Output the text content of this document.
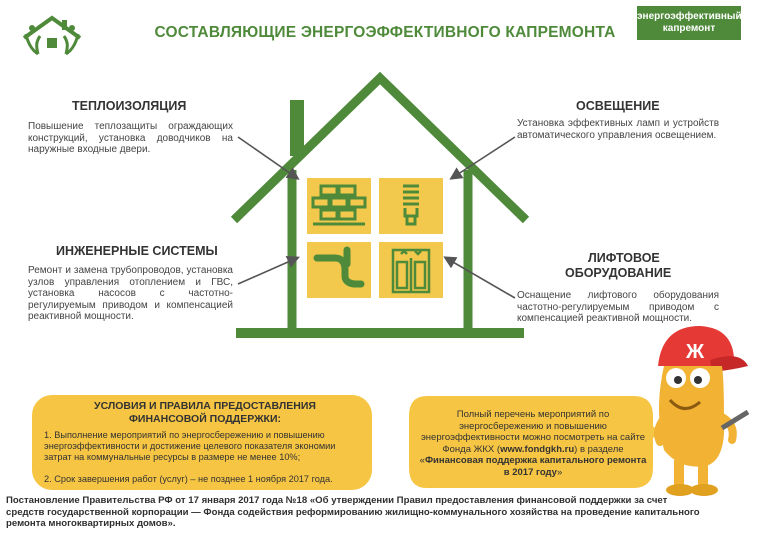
СОСТАВЛЯЮЩИЕ ЭНЕРГОЭФФЕКТИВНОГО КАПРЕМОНТА
энергоэффективный капремонт
ТЕПЛОИЗОЛЯЦИЯ
Повышение теплозащиты ограждающих конструкций, установка доводчиков на наружные входные двери.
ОСВЕЩЕНИЕ
Установка эффективных ламп и устройств автоматического управления освещением.
ИНЖЕНЕРНЫЕ СИСТЕМЫ
Ремонт и замена трубопроводов, установка узлов управления отоплением и ГВС, установка насосов с частотно-регулируемым приводом и компенсацией реактивной мощности.
ЛИФТОВОЕ
ОБОРУДОВАНИЕ
Оснащение лифтового оборудования частотно-регулируемым приводом с компенсацией реактивной мощности.
УСЛОВИЯ И ПРАВИЛА ПРЕДОСТАВЛЕНИЯ ФИНАНСОВОЙ ПОДДЕРЖКИ:
1. Выполнение мероприятий по энергосбережению и повышению энергоэффективности и достижение целевого показателя экономии затрат на коммунальные ресурсы в размере не менее 10%;
2. Срок завершения работ (услуг) – не позднее 1 ноября 2017 года.
Полный перечень мероприятий по энергосбережению и повышению энергоэффективности можно посмотреть на сайте Фонда ЖКХ (www.fondgkh.ru) в разделе «Финансовая поддержка капитального ремонта в 2017 году»
Ж
Постановление Правительства РФ от 17 января 2017 года №18 «Об утверждении Правил предоставления финансовой поддержки за счет средств государственной корпорации — Фонда содействия реформированию жилищно-коммунального хозяйства на проведение капитального ремонта многоквартирных домов».
